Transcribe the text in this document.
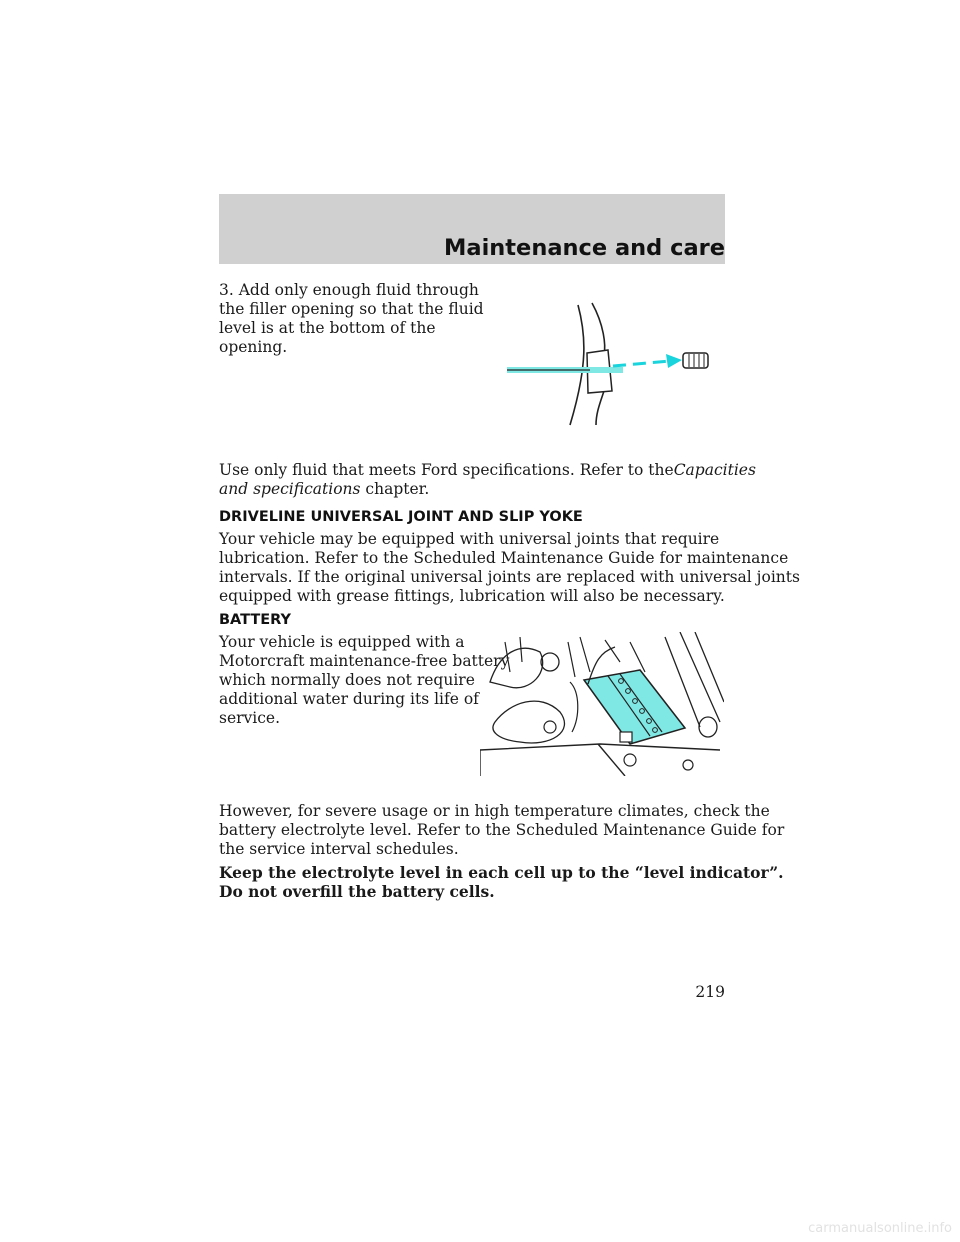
Maintenance and care
3. Add only enough fluid through
the filler opening so that the fluid
level is at the bottom of the
opening.
Use only fluid that meets Ford specifications. Refer to theCapacities
and specifications chapter.
DRIVELINE UNIVERSAL JOINT AND SLIP YOKE
Your vehicle may be equipped with universal joints that require
lubrication. Refer to the Scheduled Maintenance Guide for maintenance
intervals. If the original universal joints are replaced with universal joints
equipped with grease fittings, lubrication will also be necessary.
BATTERY
Your vehicle is equipped with a
Motorcraft maintenance-free battery
which normally does not require
additional water during its life of
service.
However, for severe usage or in high temperature climates, check the
battery electrolyte level. Refer to the Scheduled Maintenance Guide for
the service interval schedules.
Keep the electrolyte level in each cell up to the “level indicator”.
Do not overfill the battery cells.
219
carmanualsonline.info
